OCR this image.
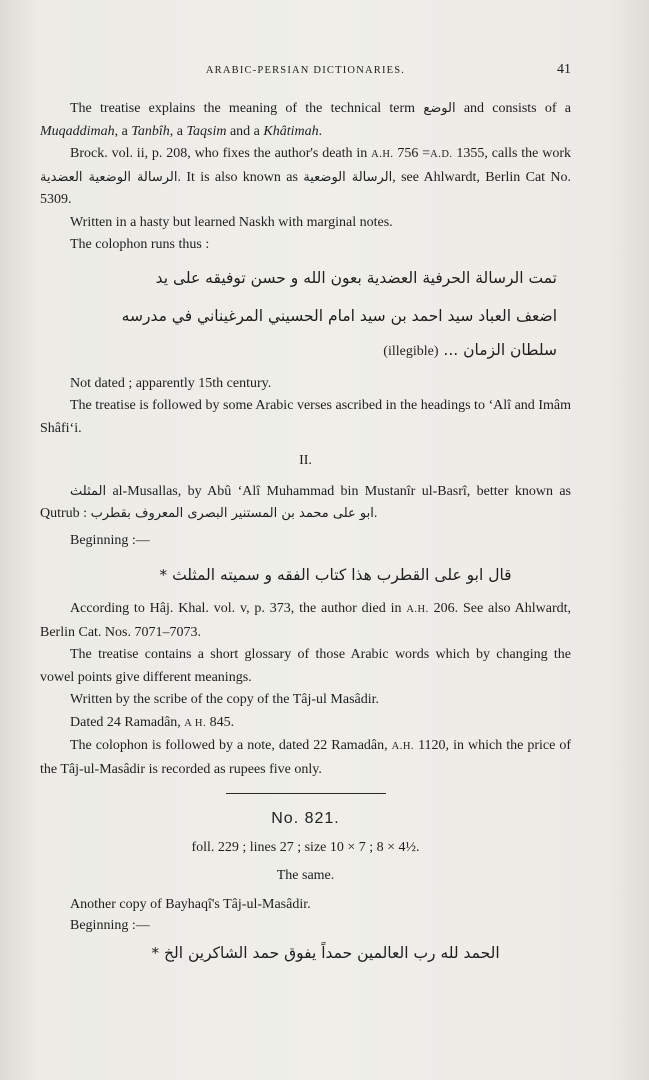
ARABIC-PERSIAN DICTIONARIES.	41

The treatise explains the meaning of the technical term الوضع and consists of a Muqaddimah, a Tanbîh, a Taqsim and a Khâtimah.

Brock. vol. ii, p. 208, who fixes the author's death in A.H. 756 =A.D. 1355, calls the work الرسالة الوضعية العضدية. It is also known as الرسالة الوضعية, see Ahlwardt, Berlin Cat No. 5309.

Written in a hasty but learned Naskh with marginal notes.

The colophon runs thus :

تمت الرسالة الحرفية العضدية بعون الله و حسن توفيقه على يد

اضعف العباد سيد احمد بن سيد امام الحسيني المرغيناني في مدرسه

سلطان الزمان ... (illegible)

Not dated ; apparently 15th century.

The treatise is followed by some Arabic verses ascribed in the headings to ‘Alî and Imâm Shâfi‘i.

II.

المثلث al-Musallas, by Abû ‘Alî Muhammad bin Mustanîr ul-Basrî, better known as Qutrub : ابو علی محمد بن المستنير البصری المعروف بقطرب.

Beginning :—

قال ابو علی القطرب هذا كتاب الفقه و سميته المثلث *

According to Hâj. Khal. vol. v, p. 373, the author died in A.H. 206. See also Ahlwardt, Berlin Cat. Nos. 7071–7073.

The treatise contains a short glossary of those Arabic words which by changing the vowel points give different meanings.

Written by the scribe of the copy of the Tâj-ul Masâdir.

Dated 24 Ramadân, A H. 845.

The colophon is followed by a note, dated 22 Ramadân, A.H. 1120, in which the price of the Tâj-ul-Masâdir is recorded as rupees five only.

No. 821.

foll. 229 ; lines 27 ; size 10 × 7 ; 8 × 4½.

The same.

Another copy of Bayhaqî's Tâj-ul-Masâdir.

Beginning :—

الحمد لله رب العالمين حمداً يفوق حمد الشاكرين الخ *
